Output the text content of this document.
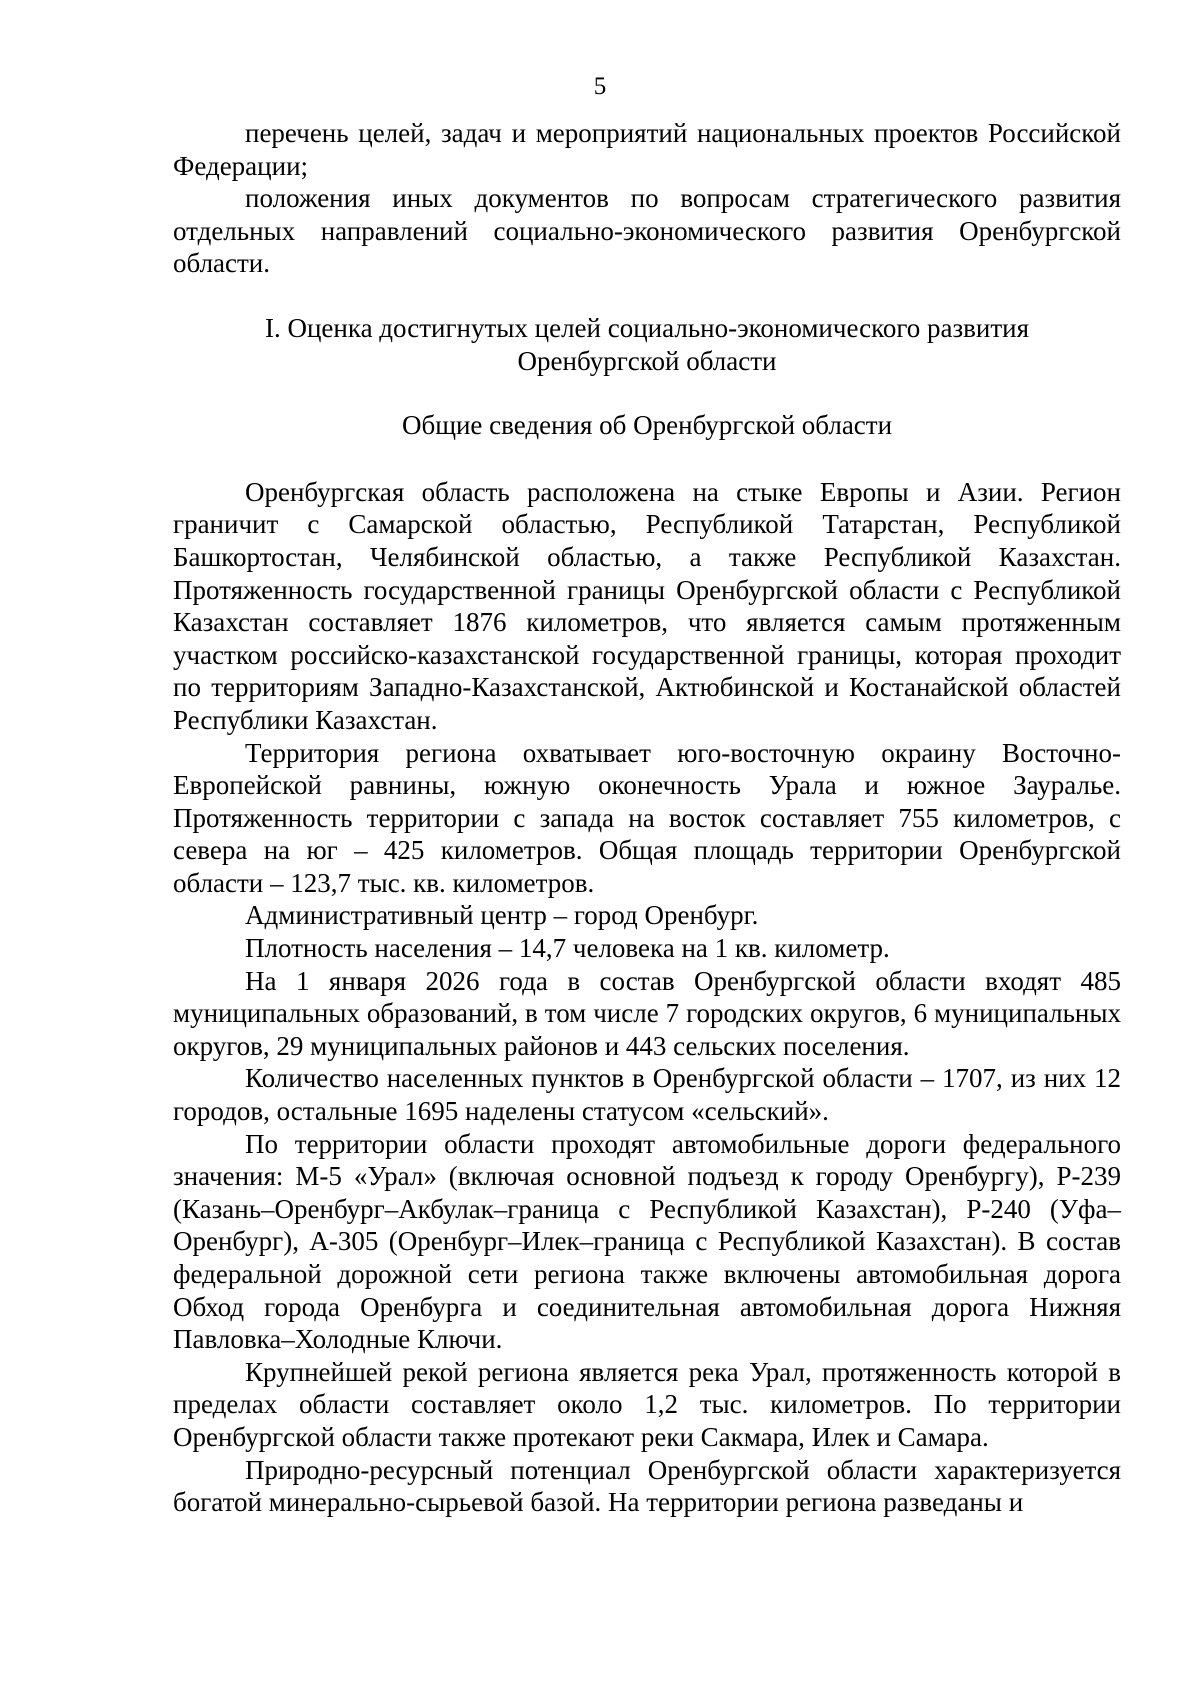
5

перечень целей, задач и мероприятий национальных проектов Российской Федерации;

положения иных документов по вопросам стратегического развития отдельных направлений социально-экономического развития Оренбургской области.

I. Оценка достигнутых целей социально-экономического развития

Оренбургской области

Общие сведения об Оренбургской области

Оренбургская область расположена на стыке Европы и Азии. Регион граничит с Самарской областью, Республикой Татарстан, Республикой Башкортостан, Челябинской областью, а также Республикой Казахстан. Протяженность государственной границы Оренбургской области с Республикой Казахстан составляет 1876 километров, что является самым протяженным участком российско-казахстанской государственной границы, которая проходит по территориям Западно-Казахстанской, Актюбинской и Костанайской областей Республики Казахстан.

Территория региона охватывает юго-восточную окраину Восточно-Европейской равнины, южную оконечность Урала и южное Зауралье. Протяженность территории с запада на восток составляет 755 километров, с севера на юг – 425 километров. Общая площадь территории Оренбургской области – 123,7 тыс. кв. километров.

Административный центр – город Оренбург.

Плотность населения – 14,7 человека на 1 кв. километр.

На 1 января 2026 года в состав Оренбургской области входят 485 муниципальных образований, в том числе 7 городских округов, 6 муниципальных округов, 29 муниципальных районов и 443 сельских поселения.

Количество населенных пунктов в Оренбургской области – 1707, из них 12 городов, остальные 1695 наделены статусом «сельский».

По территории области проходят автомобильные дороги федерального значения: М-5 «Урал» (включая основной подъезд к городу Оренбургу), Р-239 (Казань–Оренбург–Акбулак–граница с Республикой Казахстан), Р-240 (Уфа–Оренбург), А-305 (Оренбург–Илек–граница с Республикой Казахстан). В состав федеральной дорожной сети региона также включены автомобильная дорога Обход города Оренбурга и соединительная автомобильная дорога Нижняя Павловка–Холодные Ключи.

Крупнейшей рекой региона является река Урал, протяженность которой в пределах области составляет около 1,2 тыс. километров. По территории Оренбургской области также протекают реки Сакмара, Илек и Самара.

Природно-ресурсный потенциал Оренбургской области характеризуется богатой минерально-сырьевой базой. На территории региона разведаны и
